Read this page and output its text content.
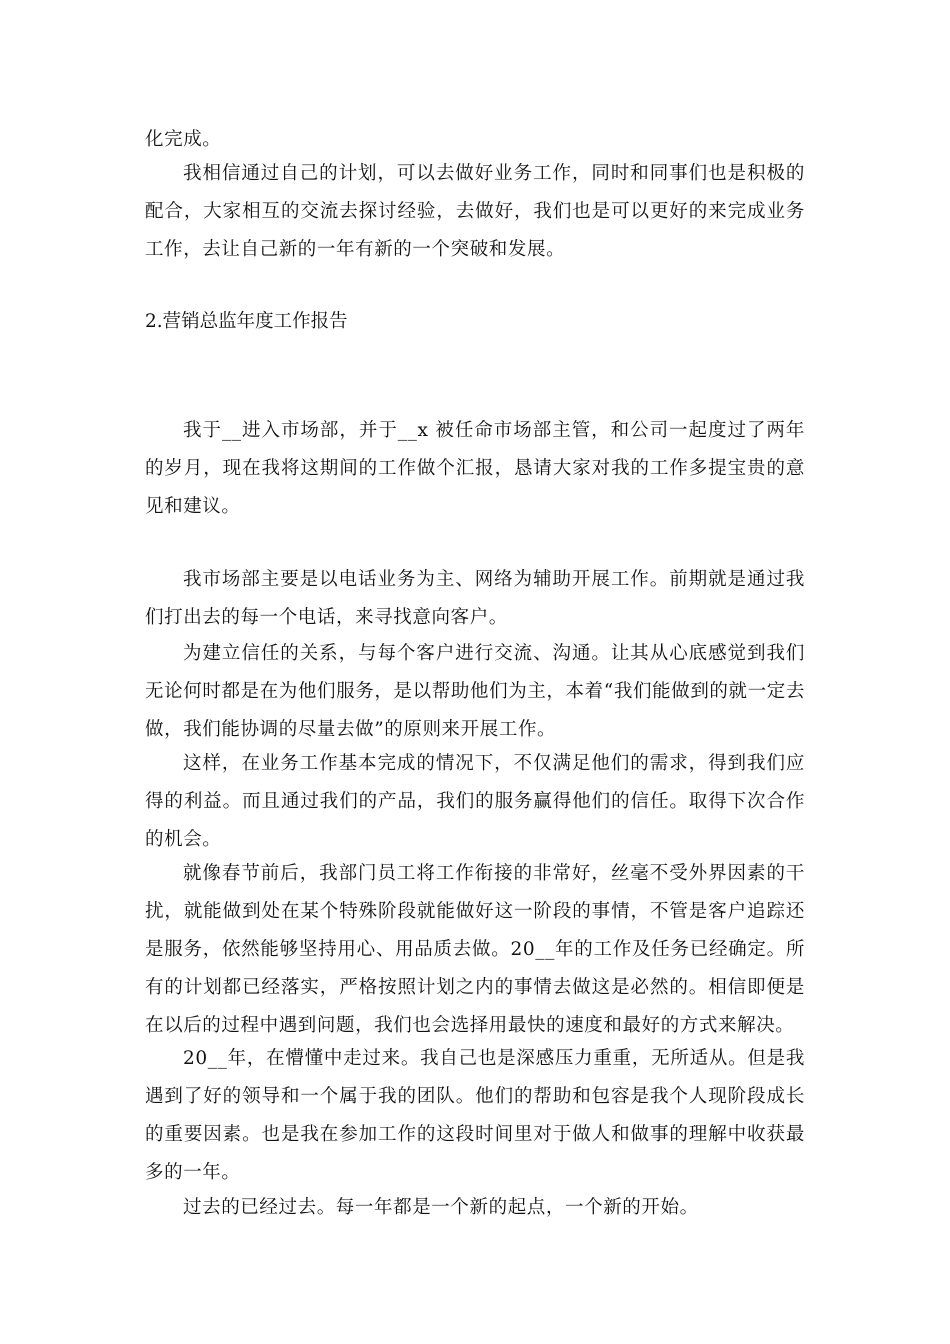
化完成。

我相信通过自己的计划，可以去做好业务工作，同时和同事们也是积极的配合，大家相互的交流去探讨经验，去做好，我们也是可以更好的来完成业务工作，去让自己新的一年有新的一个突破和发展。

2.营销总监年度工作报告

我于__进入市场部，并于__x 被任命市场部主管，和公司一起度过了两年的岁月，现在我将这期间的工作做个汇报，恳请大家对我的工作多提宝贵的意见和建议。

我市场部主要是以电话业务为主、网络为辅助开展工作。前期就是通过我们打出去的每一个电话，来寻找意向客户。

为建立信任的关系，与每个客户进行交流、沟通。让其从心底感觉到我们无论何时都是在为他们服务，是以帮助他们为主，本着“我们能做到的就一定去做，我们能协调的尽量去做”的原则来开展工作。

这样，在业务工作基本完成的情况下，不仅满足他们的需求，得到我们应得的利益。而且通过我们的产品，我们的服务赢得他们的信任。取得下次合作的机会。

就像春节前后，我部门员工将工作衔接的非常好，丝毫不受外界因素的干扰，就能做到处在某个特殊阶段就能做好这一阶段的事情，不管是客户追踪还是服务，依然能够坚持用心、用品质去做。20__年的工作及任务已经确定。所有的计划都已经落实，严格按照计划之内的事情去做这是必然的。相信即便是在以后的过程中遇到问题，我们也会选择用最快的速度和最好的方式来解决。

20__年，在懵懂中走过来。我自己也是深感压力重重，无所适从。但是我遇到了好的领导和一个属于我的团队。他们的帮助和包容是我个人现阶段成长的重要因素。也是我在参加工作的这段时间里对于做人和做事的理解中收获最多的一年。

过去的已经过去。每一年都是一个新的起点，一个新的开始。
